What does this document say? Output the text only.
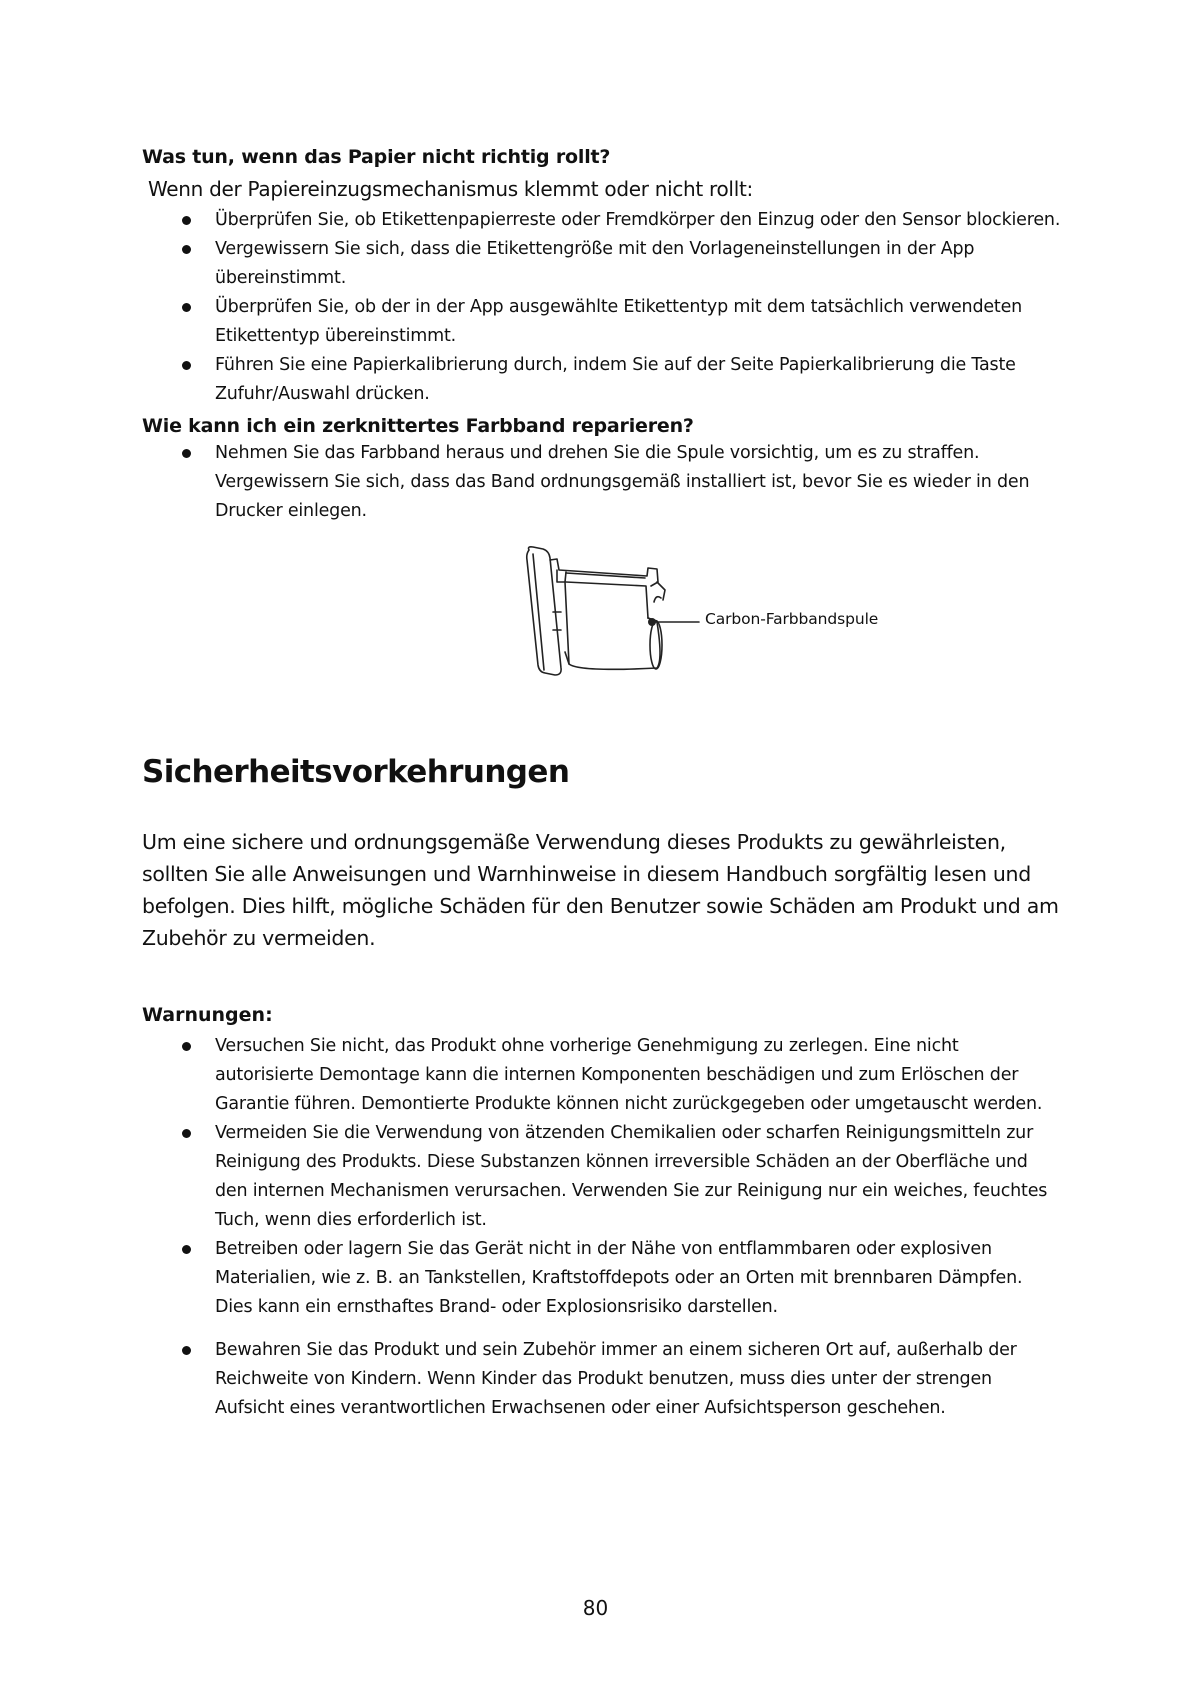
Was tun, wenn das Papier nicht richtig rollt?

Wenn der Papiereinzugsmechanismus klemmt oder nicht rollt:

Überprüfen Sie, ob Etikettenpapierreste oder Fremdkörper den Einzug oder den Sensor blockieren.
Vergewissern Sie sich, dass die Etikettengröße mit den Vorlageneinstellungen in der App übereinstimmt.
Überprüfen Sie, ob der in der App ausgewählte Etikettentyp mit dem tatsächlich verwendeten Etikettentyp übereinstimmt.
Führen Sie eine Papierkalibrierung durch, indem Sie auf der Seite Papierkalibrierung die Taste Zufuhr/Auswahl drücken.
Wie kann ich ein zerknittertes Farbband reparieren?
Nehmen Sie das Farbband heraus und drehen Sie die Spule vorsichtig, um es zu straffen. Vergewissern Sie sich, dass das Band ordnungsgemäß installiert ist, bevor Sie es wieder in den Drucker einlegen.
Carbon-Farbbandspule
Sicherheitsvorkehrungen

Um eine sichere und ordnungsgemäße Verwendung dieses Produkts zu gewährleisten, sollten Sie alle Anweisungen und Warnhinweise in diesem Handbuch sorgfältig lesen und befolgen. Dies hilft, mögliche Schäden für den Benutzer sowie Schäden am Produkt und am Zubehör zu vermeiden.

Warnungen:
Versuchen Sie nicht, das Produkt ohne vorherige Genehmigung zu zerlegen. Eine nicht autorisierte Demontage kann die internen Komponenten beschädigen und zum Erlöschen der Garantie führen. Demontierte Produkte können nicht zurückgegeben oder umgetauscht werden.
Vermeiden Sie die Verwendung von ätzenden Chemikalien oder scharfen Reinigungsmitteln zur Reinigung des Produkts. Diese Substanzen können irreversible Schäden an der Oberfläche und den internen Mechanismen verursachen. Verwenden Sie zur Reinigung nur ein weiches, feuchtes Tuch, wenn dies erforderlich ist.
Betreiben oder lagern Sie das Gerät nicht in der Nähe von entflammbaren oder explosiven Materialien, wie z. B. an Tankstellen, Kraftstoffdepots oder an Orten mit brennbaren Dämpfen. Dies kann ein ernsthaftes Brand- oder Explosionsrisiko darstellen.
Bewahren Sie das Produkt und sein Zubehör immer an einem sicheren Ort auf, außerhalb der Reichweite von Kindern. Wenn Kinder das Produkt benutzen, muss dies unter der strengen Aufsicht eines verantwortlichen Erwachsenen oder einer Aufsichtsperson geschehen.
80
